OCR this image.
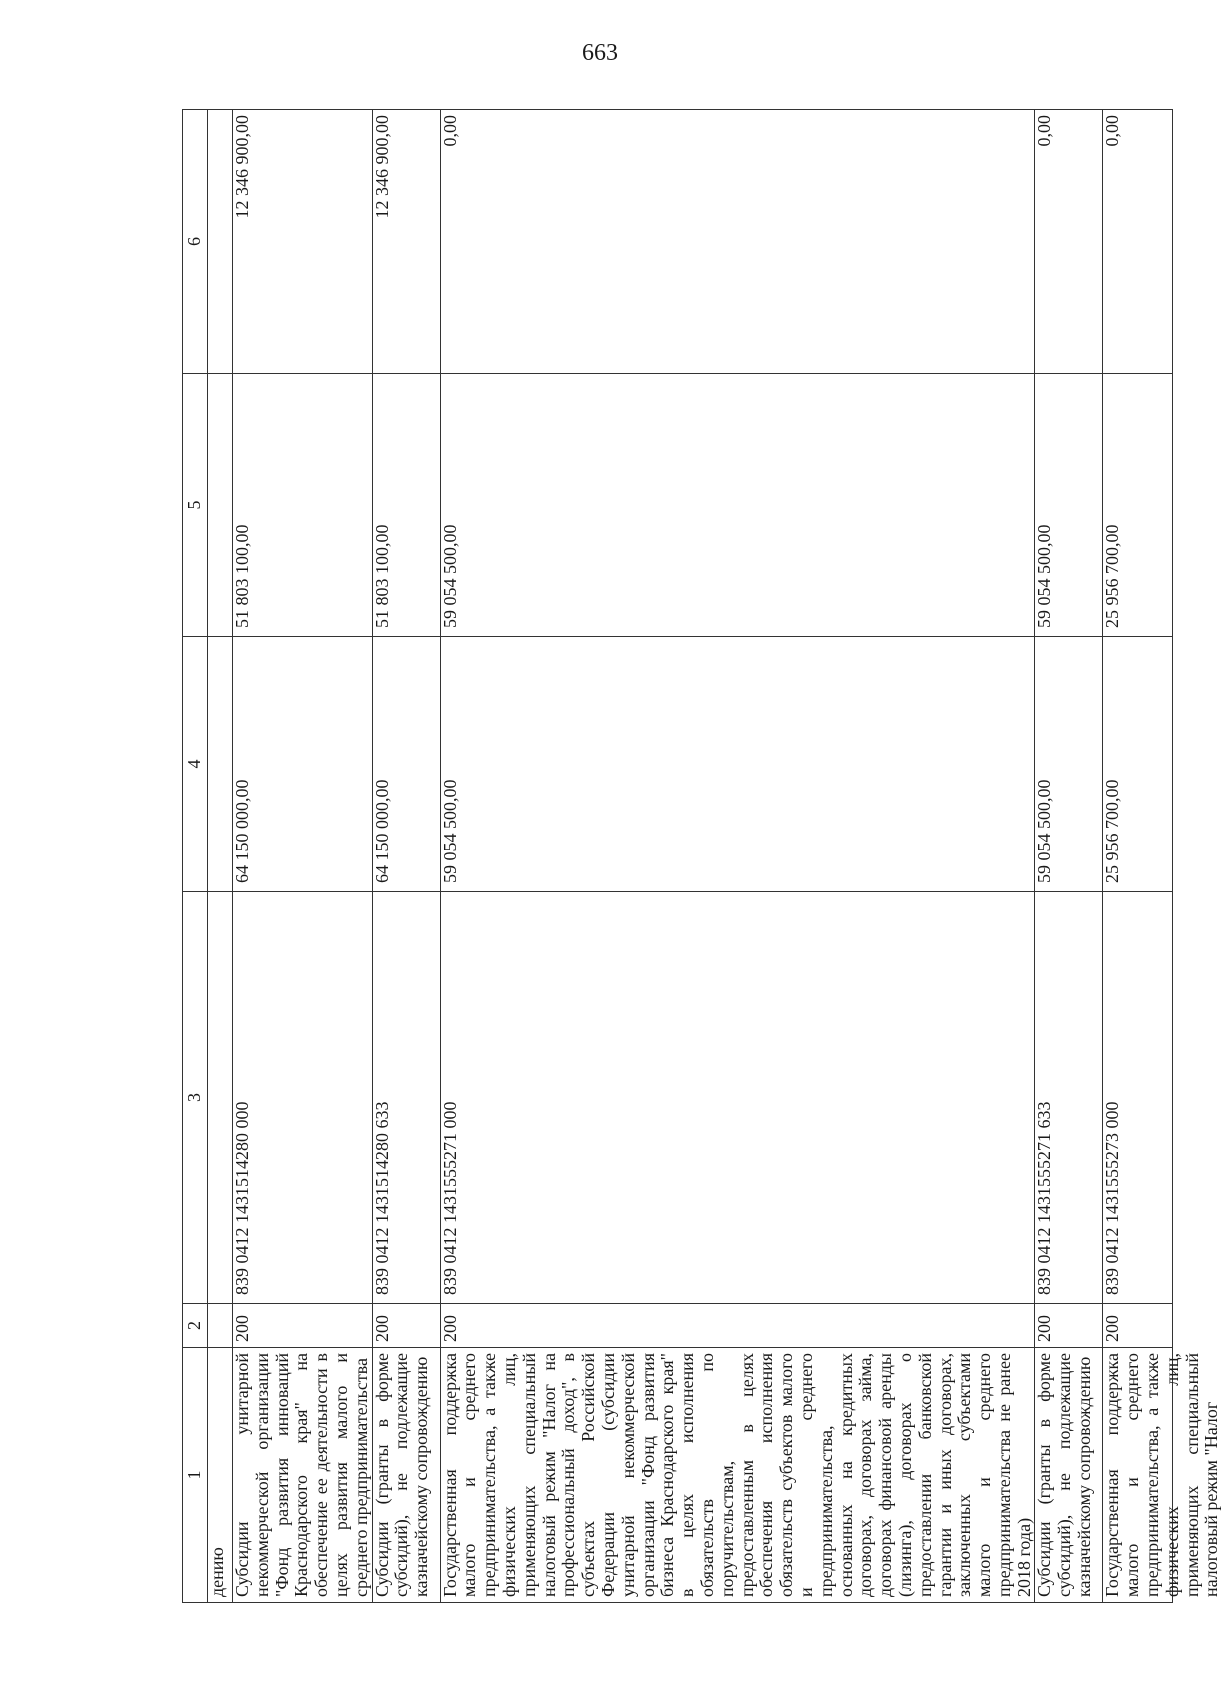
663
1	2	3	4	5	6
дению					
Субсидии унитарной некоммерческой организации "Фонд развития инноваций Краснодарского края" на обеспечение ее деятельности в целях развития малого и среднего предпринимательства	200	839 0412 1431514280 000	64 150 000,00	51 803 100,00	12 346 900,00
Субсидии (гранты в форме субсидий), не подлежащие казначейскому сопровождению	200	839 0412 1431514280 633	64 150 000,00	51 803 100,00	12 346 900,00
Государственная поддержка малого и среднего предпринимательства, а также физических лиц, применяющих специальный налоговый режим "Налог на профессиональный доход", в субъектах Российской Федерации (субсидии унитарной некоммерческой организации "Фонд развития бизнеса Краснодарского края" в целях исполнения обязательств по поручительствам, предоставленным в целях обеспечения исполнения обязательств субъектов малого и среднего предпринимательства, основанных на кредитных договорах, договорах займа, договорах финансовой аренды (лизинга), договорах о предоставлении банковской гарантии и иных договорах, заключенных субъектами малого и среднего предпринимательства не ранее 2018 года)	200	839 0412 1431555271 000	59 054 500,00	59 054 500,00	0,00
Субсидии (гранты в форме субсидий), не подлежащие казначейскому сопровождению	200	839 0412 1431555271 633	59 054 500,00	59 054 500,00	0,00

Государственная поддержка малого и среднего предпринимательства, а также физических лиц, применяющих специальный налоговый режим "Налог	200	839 0412 1431555273 000	25 956 700,00	25 956 700,00	0,00
